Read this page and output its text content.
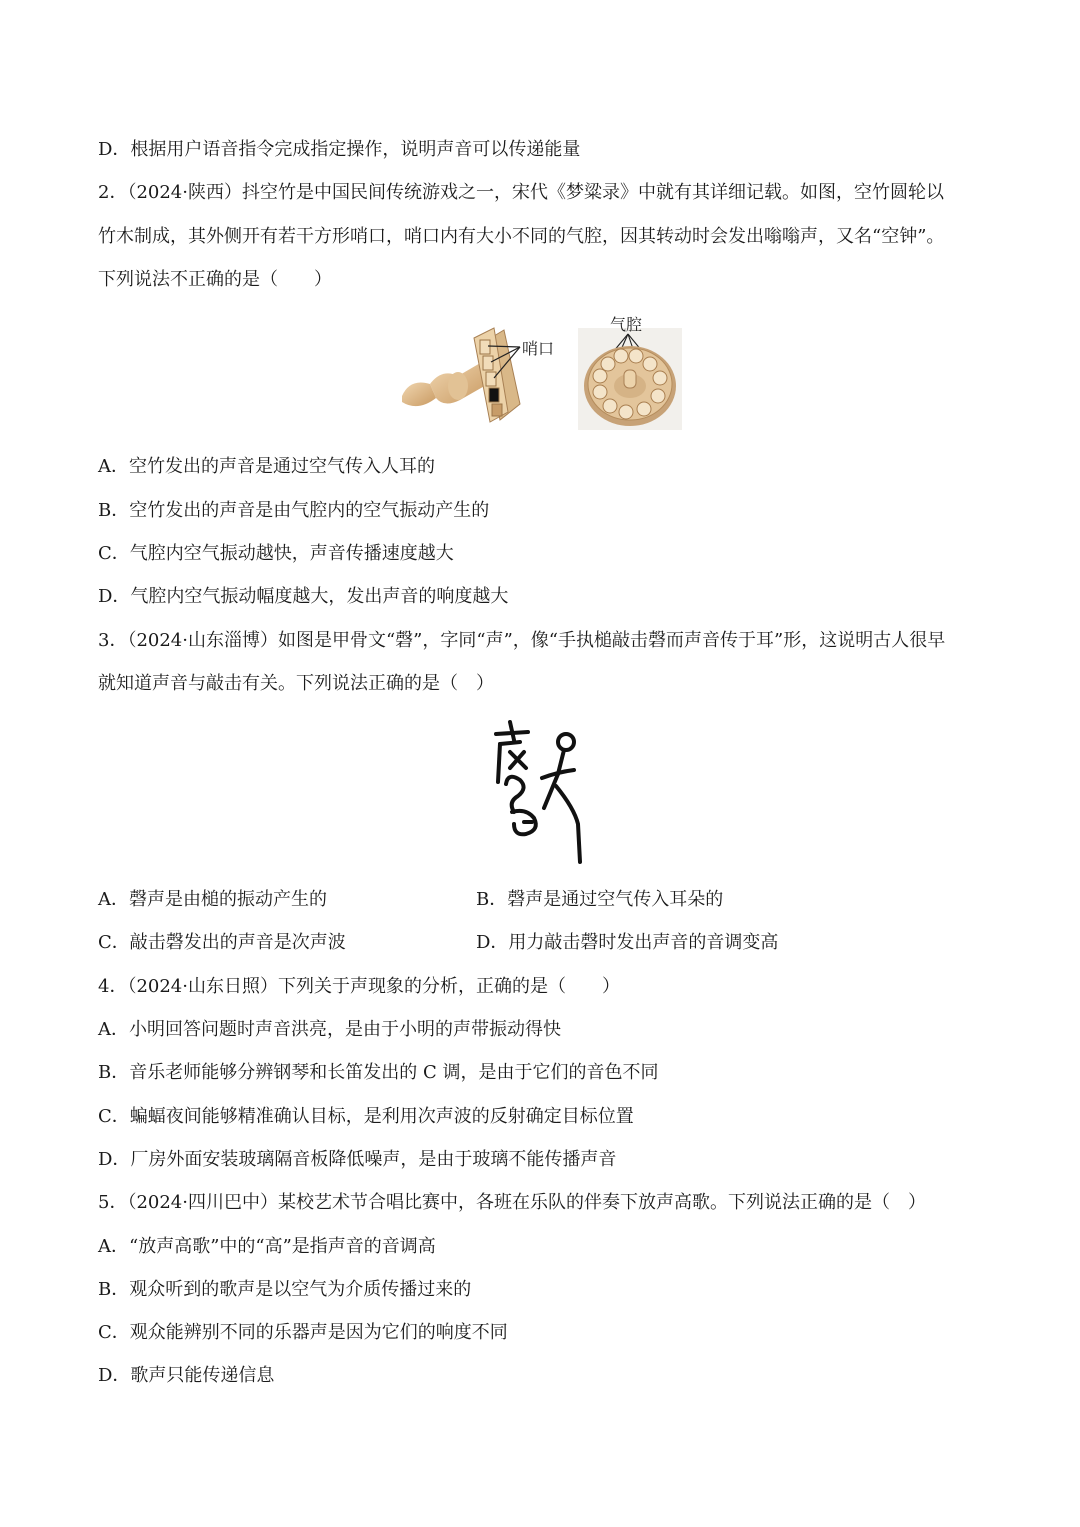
D．根据用户语音指令完成指定操作，说明声音可以传递能量
2．（2024·陕西）抖空竹是中国民间传统游戏之一，宋代《梦粱录》中就有其详细记载。如图，空竹圆轮以
竹木制成，其外侧开有若干方形哨口，哨口内有大小不同的气腔，因其转动时会发出嗡嗡声，又名“空钟”。
下列说法不正确的是（　　）
哨口
气腔
A．空竹发出的声音是通过空气传入人耳的
B．空竹发出的声音是由气腔内的空气振动产生的
C．气腔内空气振动越快，声音传播速度越大
D．气腔内空气振动幅度越大，发出声音的响度越大
3．（2024·山东淄博）如图是甲骨文“磬”，字同“声”，像“手执槌敲击磬而声音传于耳”形，这说明古人很早
就知道声音与敲击有关。下列说法正确的是（　）
A．磬声是由槌的振动产生的	B．磬声是通过空气传入耳朵的
C．敲击磬发出的声音是次声波	D．用力敲击磬时发出声音的音调变高
4．（2024·山东日照）下列关于声现象的分析，正确的是（　　）
A．小明回答问题时声音洪亮，是由于小明的声带振动得快
B．音乐老师能够分辨钢琴和长笛发出的 C 调，是由于它们的音色不同
C．蝙蝠夜间能够精准确认目标，是利用次声波的反射确定目标位置
D．厂房外面安装玻璃隔音板降低噪声，是由于玻璃不能传播声音
5．（2024·四川巴中）某校艺术节合唱比赛中，各班在乐队的伴奏下放声高歌。下列说法正确的是（　）
A．“放声高歌”中的“高”是指声音的音调高
B．观众听到的歌声是以空气为介质传播过来的
C．观众能辨别不同的乐器声是因为它们的响度不同
D．歌声只能传递信息
